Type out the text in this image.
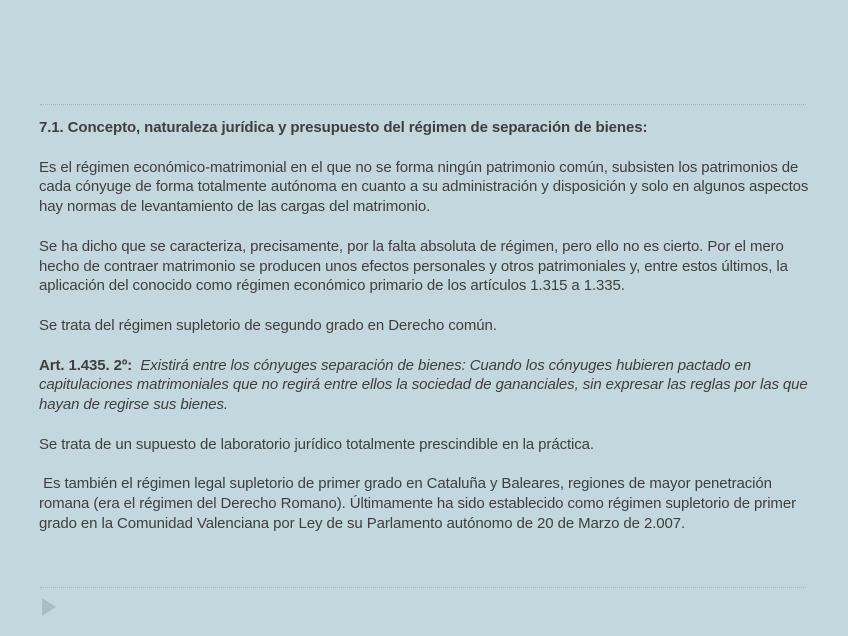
7.1. Concepto, naturaleza jurídica y presupuesto del régimen de separación de bienes:

Es el régimen económico-matrimonial en el que no se forma ningún patrimonio común, subsisten los patrimonios de cada cónyuge de forma totalmente autónoma en cuanto a su administración y disposición y solo en algunos aspectos hay normas de levantamiento de las cargas del matrimonio.

Se ha dicho que se caracteriza, precisamente, por la falta absoluta de régimen, pero ello no es cierto. Por el mero hecho de contraer matrimonio se producen unos efectos personales y otros patrimoniales y, entre estos últimos, la aplicación del conocido como régimen económico primario de los artículos 1.315 a 1.335.

Se trata del régimen supletorio de segundo grado en Derecho común.

Art. 1.435. 2º: Existirá entre los cónyuges separación de bienes: Cuando los cónyuges hubieren pactado en capitulaciones matrimoniales que no regirá entre ellos la sociedad de gananciales, sin expresar las reglas por las que hayan de regirse sus bienes.

Se trata de un supuesto de laboratorio jurídico totalmente prescindible en la práctica.

Es también el régimen legal supletorio de primer grado en Cataluña y Baleares, regiones de mayor penetración romana (era el régimen del Derecho Romano). Últimamente ha sido establecido como régimen supletorio de primer grado en la Comunidad Valenciana por Ley de su Parlamento autónomo de 20 de Marzo de 2.007.
